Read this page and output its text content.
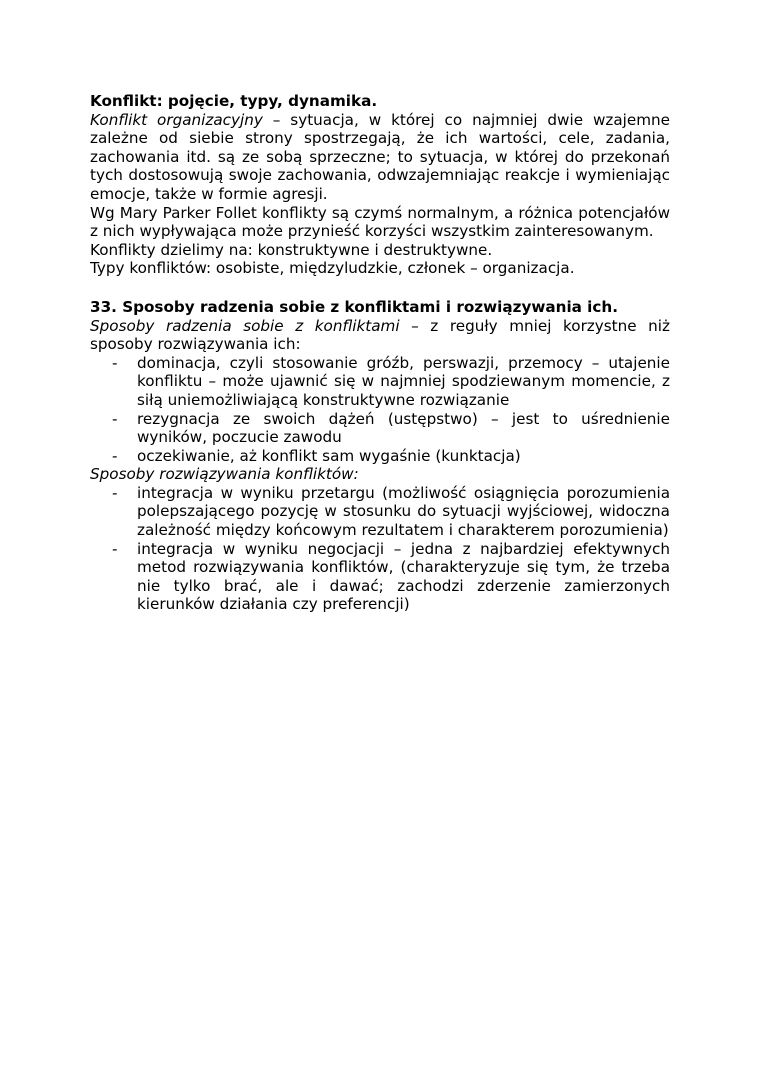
Konflikt: pojęcie, typy, dynamika.

Konflikt organizacyjny – sytuacja, w której co najmniej dwie wzajemne zależne od siebie strony spostrzegają, że ich wartości, cele, zadania, zachowania itd. są ze sobą sprzeczne; to sytuacja, w której do przekonań tych dostosowują swoje zachowania, odwzajemniając reakcje i wymieniając emocje, także w formie agresji.

Wg Mary Parker Follet konflikty są czymś normalnym, a różnica potencjałów z nich wypływająca może przynieść korzyści wszystkim zainteresowanym.

Konflikty dzielimy na: konstruktywne i destruktywne.

Typy konfliktów: osobiste, międzyludzkie, członek – organizacja.

33. Sposoby radzenia sobie z konfliktami i rozwiązywania ich.

Sposoby radzenia sobie z konfliktami – z reguły mniej korzystne niż sposoby rozwiązywania ich:

- dominacja, czyli stosowanie gróźb, perswazji, przemocy – utajenie konfliktu – może ujawnić się w najmniej spodziewanym momencie, z siłą uniemożliwiającą konstruktywne rozwiązanie
- rezygnacja ze swoich dążeń (ustępstwo) – jest to uśrednienie wyników, poczucie zawodu
- oczekiwanie, aż konflikt sam wygaśnie (kunktacja)

Sposoby rozwiązywania konfliktów:

- integracja w wyniku przetargu (możliwość osiągnięcia porozumienia polepszającego pozycję w stosunku do sytuacji wyjściowej, widoczna zależność między końcowym rezultatem i charakterem porozumienia)
- integracja w wyniku negocjacji – jedna z najbardziej efektywnych metod rozwiązywania konfliktów, (charakteryzuje się tym, że trzeba nie tylko brać, ale i dawać; zachodzi zderzenie zamierzonych kierunków działania czy preferencji)
